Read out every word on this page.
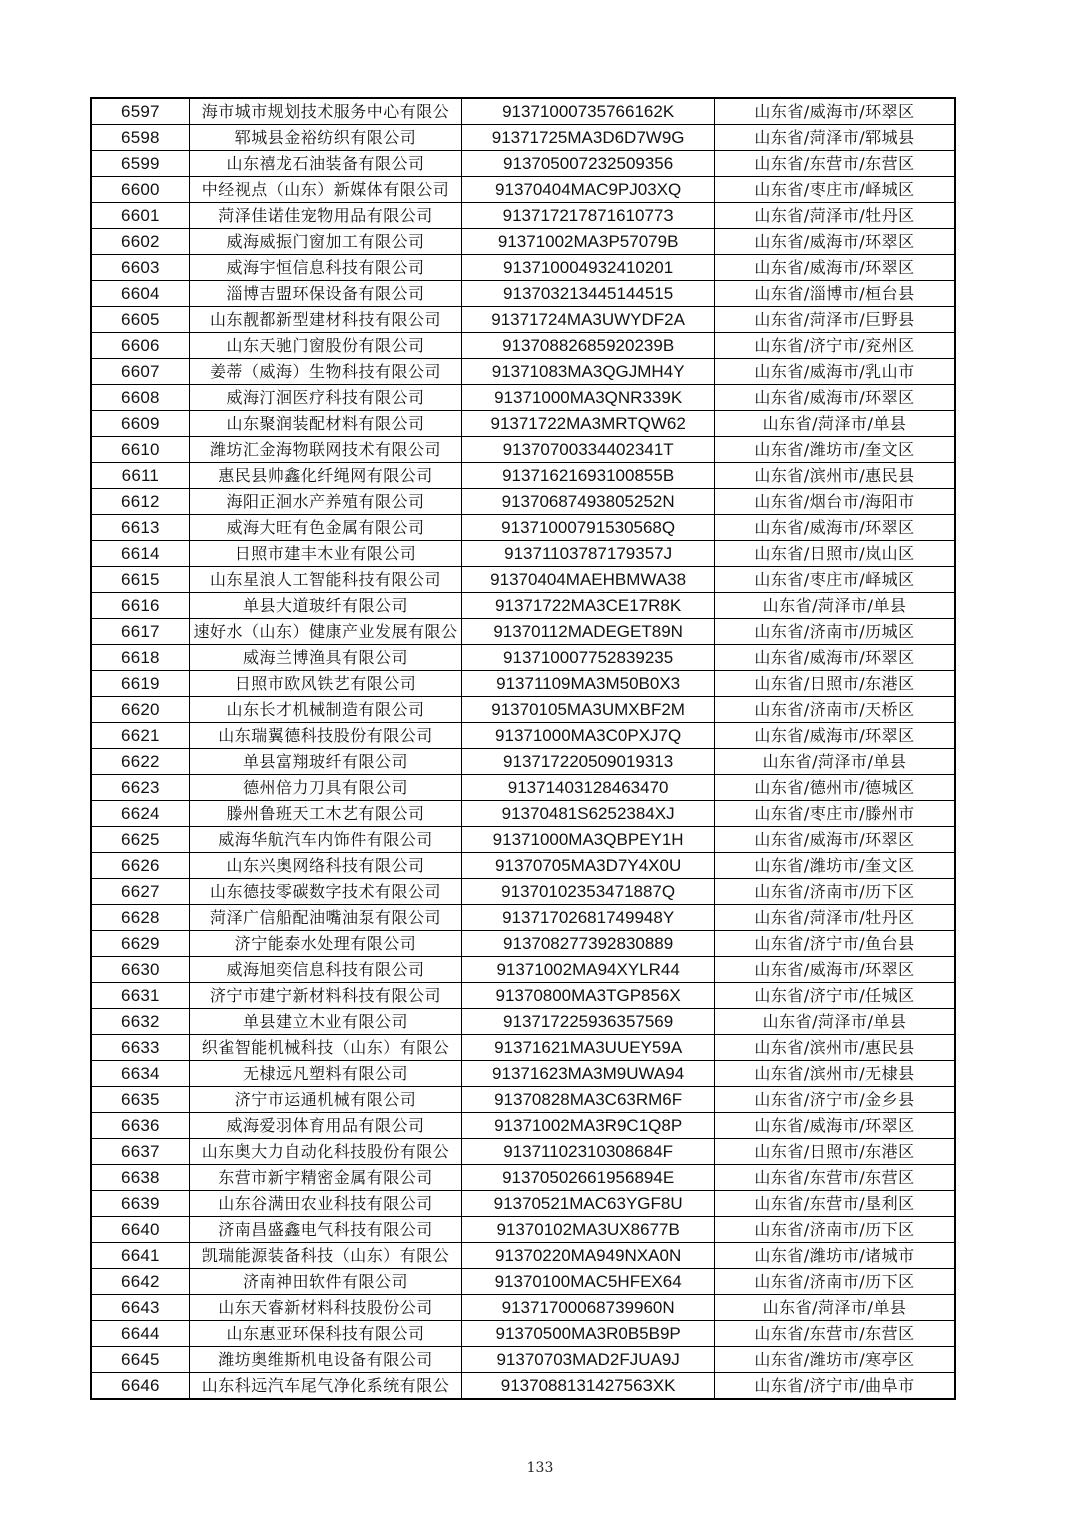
6597	海市城市规划技术服务中心有限公	91371000735766162K	山东省/威海市/环翠区
6598	郓城县金裕纺织有限公司	91371725MA3D6D7W9G	山东省/菏泽市/郓城县
6599	山东禧龙石油装备有限公司	913705007232509356	山东省/东营市/东营区
6600	中经视点（山东）新媒体有限公司	91370404MAC9PJ03XQ	山东省/枣庄市/峄城区
6601	菏泽佳诺佳宠物用品有限公司	91371721787161077З	山东省/菏泽市/牡丹区
6602	威海威振门窗加工有限公司	91371002MA3P57079B	山东省/威海市/环翠区
6603	威海宇恒信息科技有限公司	913710004932410201	山东省/威海市/环翠区
6604	淄博吉盟环保设备有限公司	913703213445144515	山东省/淄博市/桓台县
6605	山东靓都新型建材科技有限公司	91371724MA3UWYDF2A	山东省/菏泽市/巨野县
6606	山东天驰门窗股份有限公司	91370882685920239B	山东省/济宁市/兖州区
6607	姜蒂（威海）生物科技有限公司	91371083MA3QGJMH4Y	山东省/威海市/乳山市
6608	威海汀洄医疗科技有限公司	91371000MA3QNR339K	山东省/威海市/环翠区
6609	山东聚润装配材料有限公司	91371722MA3MRTQW62	山东省/菏泽市/单县
6610	潍坊汇金海物联网技术有限公司	91370700334402341T	山东省/潍坊市/奎文区
6611	惠民县帅鑫化纤绳网有限公司	91371621693100855B	山东省/滨州市/惠民县
6612	海阳正洄水产养殖有限公司	91370687493805252N	山东省/烟台市/海阳市
6613	威海大旺有色金属有限公司	91371000791530568Q	山东省/威海市/环翠区
6614	日照市建丰木业有限公司	91371103787179357J	山东省/日照市/岚山区
6615	山东星浪人工智能科技有限公司	91370404MAEHBMWA38	山东省/枣庄市/峄城区
6616	单县大道玻纤有限公司	91371722MA3CE17R8K	山东省/菏泽市/单县
6617	速好水（山东）健康产业发展有限公	91370112MADEGET89N	山东省/济南市/历城区
6618	威海兰博渔具有限公司	913710007752839235	山东省/威海市/环翠区
6619	日照市欧风铁艺有限公司	91371109MA3M50B0X3	山东省/日照市/东港区
6620	山东长才机械制造有限公司	91370105MA3UMXBF2M	山东省/济南市/天桥区
6621	山东瑞翼德科技股份有限公司	91371000MA3C0PXJ7Q	山东省/威海市/环翠区
6622	单县富翔玻纤有限公司	913717220509019313	山东省/菏泽市/单县
6623	德州倍力刀具有限公司	91371403128463470	山东省/德州市/德城区
6624	滕州鲁班天工木艺有限公司	91370481S6252384XJ	山东省/枣庄市/滕州市
6625	威海华航汽车内饰件有限公司	91371000MA3QBPEY1H	山东省/威海市/环翠区
6626	山东兴奥网络科技有限公司	91370705MA3D7Y4X0U	山东省/潍坊市/奎文区
6627	山东德技零碳数字技术有限公司	91370102353471887Q	山东省/济南市/历下区
6628	菏泽广信船配油嘴油泵有限公司	91371702681749948Y	山东省/菏泽市/牡丹区
6629	济宁能泰水处理有限公司	913708277392830889	山东省/济宁市/鱼台县
6630	威海旭奕信息科技有限公司	91371002MA94XYLR44	山东省/威海市/环翠区
6631	济宁市建宁新材料科技有限公司	91370800MA3TGP856X	山东省/济宁市/任城区
6632	单县建立木业有限公司	913717225936357569	山东省/菏泽市/单县
6633	织雀智能机械科技（山东）有限公	91371621MA3UUEY59A	山东省/滨州市/惠民县
6634	无棣远凡塑料有限公司	91371623MA3M9UWA94	山东省/滨州市/无棣县
6635	济宁市运通机械有限公司	91370828MA3C63RM6F	山东省/济宁市/金乡县
6636	威海爱羽体育用品有限公司	91371002MA3R9C1Q8P	山东省/威海市/环翠区
6637	山东奥大力自动化科技股份有限公	91371102310308684F	山东省/日照市/东港区
6638	东营市新宇精密金属有限公司	91370502661956894E	山东省/东营市/东营区
6639	山东谷满田农业科技有限公司	91370521MAC63YGF8U	山东省/东营市/垦利区
6640	济南昌盛鑫电气科技有限公司	91370102MA3UX8677B	山东省/济南市/历下区
6641	凯瑞能源装备科技（山东）有限公	91370220MA949NXA0N	山东省/潍坊市/诸城市
6642	济南神田软件有限公司	91370100MAC5HFEX64	山东省/济南市/历下区
6643	山东天睿新材料科技股份公司	91371700068739960N	山东省/菏泽市/单县
6644	山东惠亚环保科技有限公司	91370500MA3R0B5B9P	山东省/东营市/东营区
6645	潍坊奥维斯机电设备有限公司	91370703MAD2FJUA9J	山东省/潍坊市/寒亭区
6646	山东科远汽车尾气净化系统有限公	913708813142756ЗXK	山东省/济宁市/曲阜市
133
